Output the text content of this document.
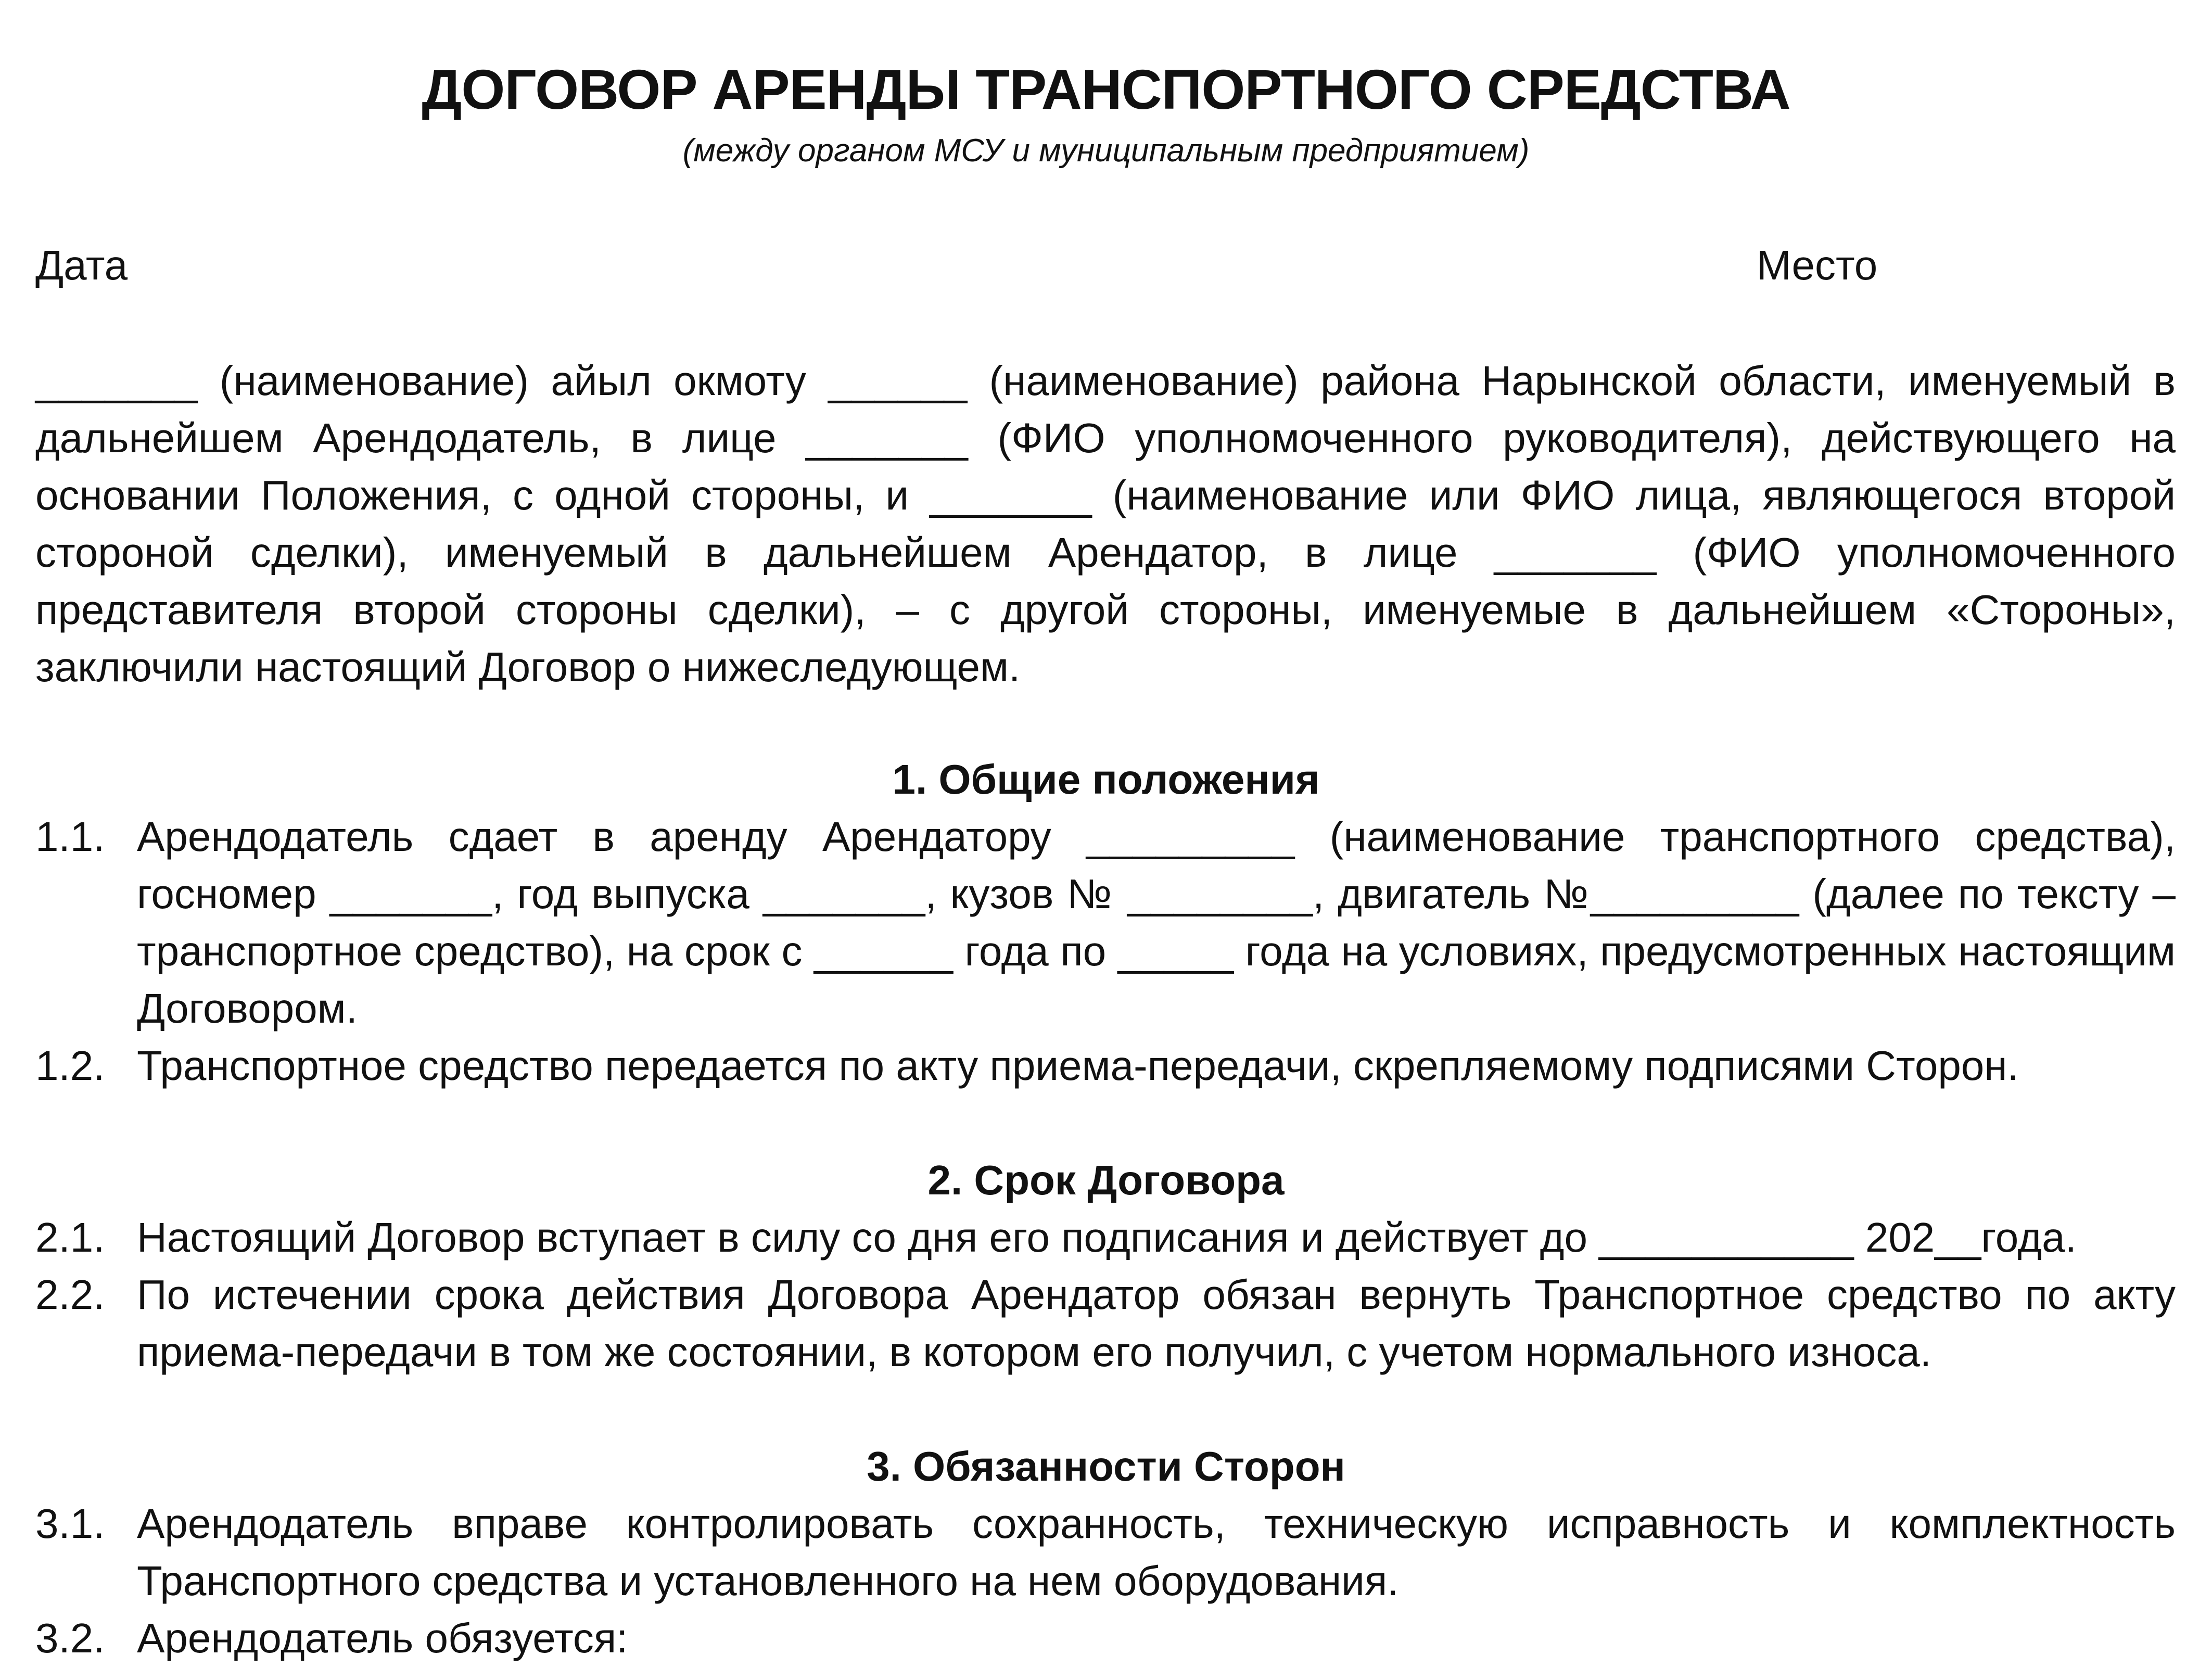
ДОГОВОР АРЕНДЫ ТРАНСПОРТНОГО СРЕДСТВА
(между органом МСУ и муниципальным предприятием)
Дата	Место
_______ (наименование) айыл окмоту ______ (наименование) района Нарынской области, именуемый в дальнейшем Арендодатель, в лице _______ (ФИО уполномоченного руководителя), действующего на основании Положения, с одной стороны, и _______ (наименование или ФИО лица, являющегося второй стороной сделки), именуемый в дальнейшем Арендатор, в лице _______ (ФИО уполномоченного представителя второй стороны сделки), – с другой стороны, именуемые в дальнейшем «Стороны», заключили настоящий Договор о нижеследующем.
1. Общие положения
1.1. Арендодатель сдает в аренду Арендатору _________ (наименование транспортного средства), госномер _______, год выпуска _______, кузов № ________, двигатель №_________ (далее по тексту – транспортное средство), на срок с ______ года по _____ года на условиях, предусмотренных настоящим Договором.
1.2. Транспортное средство передается по акту приема-передачи, скрепляемому подписями Сторон.
2. Срок Договора
2.1. Настоящий Договор вступает в силу со дня его подписания и действует до ___________ 202__года.
2.2. По истечении срока действия Договора Арендатор обязан вернуть Транспортное средство по акту приема-передачи в том же состоянии, в котором его получил, с учетом нормального износа.
3. Обязанности Сторон
3.1. Арендодатель вправе контролировать сохранность, техническую исправность и комплектность Транспортного средства и установленного на нем оборудования.
3.2. Арендодатель обязуется:
